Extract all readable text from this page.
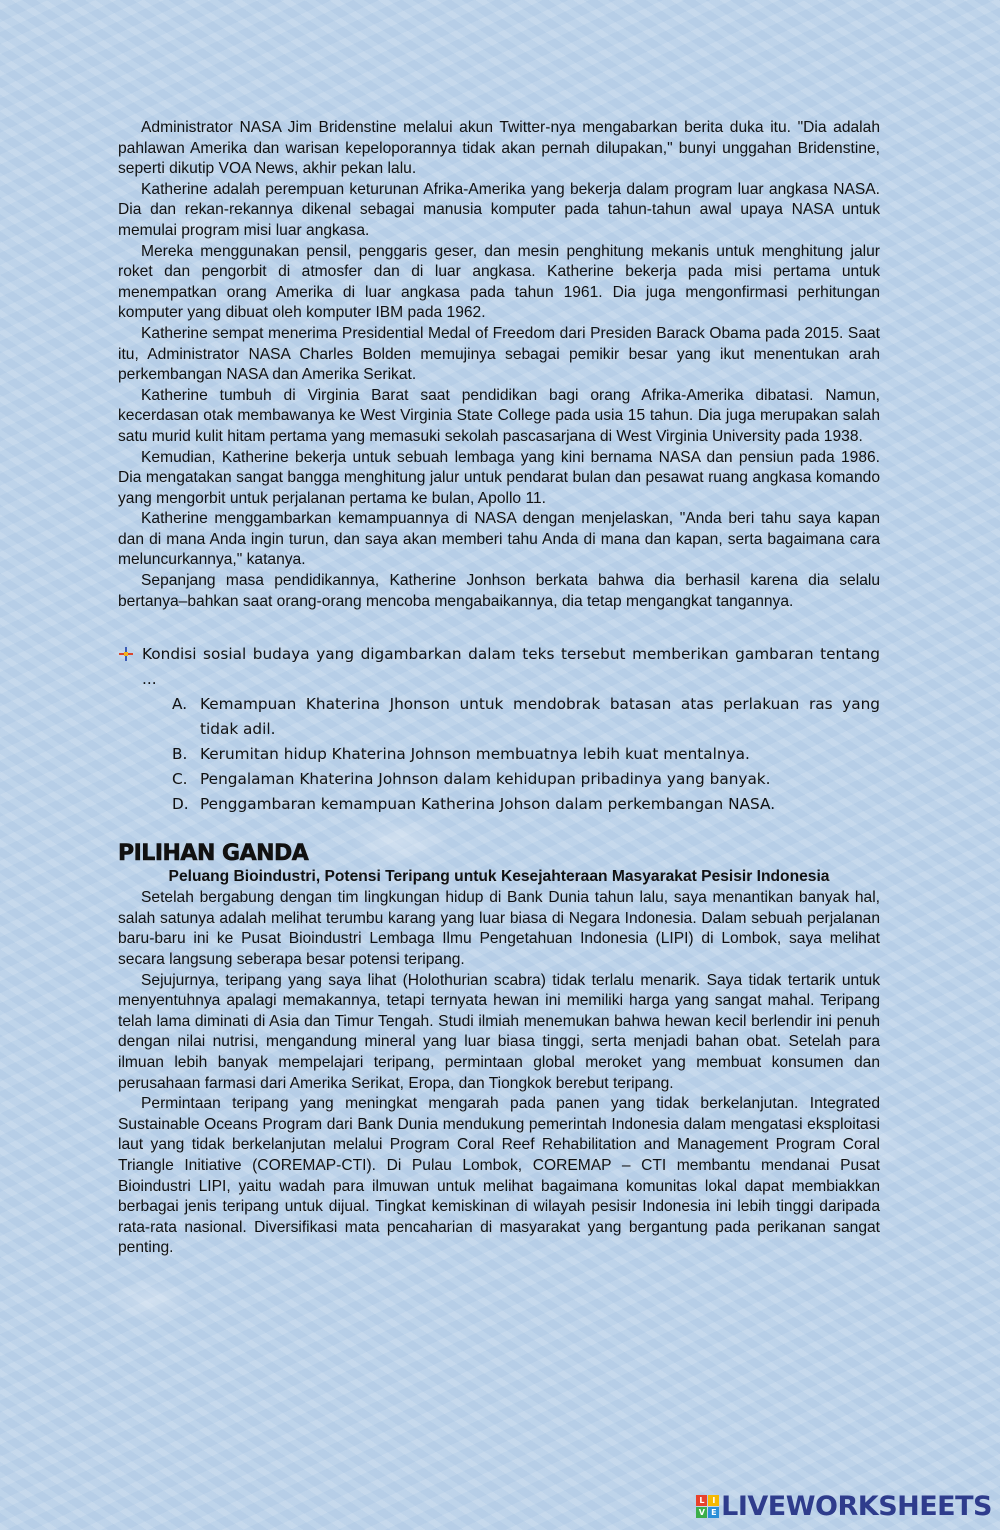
Administrator NASA Jim Bridenstine melalui akun Twitter-nya mengabarkan berita duka itu. "Dia adalah pahlawan Amerika dan warisan kepeloporannya tidak akan pernah dilupakan," bunyi unggahan Bridenstine, seperti dikutip VOA News, akhir pekan lalu.

Katherine adalah perempuan keturunan Afrika-Amerika yang bekerja dalam program luar angkasa NASA. Dia dan rekan-rekannya dikenal sebagai manusia komputer pada tahun-tahun awal upaya NASA untuk memulai program misi luar angkasa.

Mereka menggunakan pensil, penggaris geser, dan mesin penghitung mekanis untuk menghitung jalur roket dan pengorbit di atmosfer dan di luar angkasa. Katherine bekerja pada misi pertama untuk menempatkan orang Amerika di luar angkasa pada tahun 1961. Dia juga mengonfirmasi perhitungan komputer yang dibuat oleh komputer IBM pada 1962.

Katherine sempat menerima Presidential Medal of Freedom dari Presiden Barack Obama pada 2015. Saat itu, Administrator NASA Charles Bolden memujinya sebagai pemikir besar yang ikut menentukan arah perkembangan NASA dan Amerika Serikat.

Katherine tumbuh di Virginia Barat saat pendidikan bagi orang Afrika-Amerika dibatasi. Namun, kecerdasan otak membawanya ke West Virginia State College pada usia 15 tahun. Dia juga merupakan salah satu murid kulit hitam pertama yang memasuki sekolah pascasarjana di West Virginia University pada 1938.

Kemudian, Katherine bekerja untuk sebuah lembaga yang kini bernama NASA dan pensiun pada 1986. Dia mengatakan sangat bangga menghitung jalur untuk pendarat bulan dan pesawat ruang angkasa komando yang mengorbit untuk perjalanan pertama ke bulan, Apollo 11.

Katherine menggambarkan kemampuannya di NASA dengan menjelaskan, "Anda beri tahu saya kapan dan di mana Anda ingin turun, dan saya akan memberi tahu Anda di mana dan kapan, serta bagaimana cara meluncurkannya," katanya.

Sepanjang masa pendidikannya, Katherine Jonhson berkata bahwa dia berhasil karena dia selalu bertanya–bahkan saat orang-orang mencoba mengabaikannya, dia tetap mengangkat tangannya.

Kondisi sosial budaya yang digambarkan dalam teks tersebut memberikan gambaran tentang ...
A. Kemampuan Khaterina Jhonson untuk mendobrak batasan atas perlakuan ras yang tidak adil.
B. Kerumitan hidup Khaterina Johnson membuatnya lebih kuat mentalnya.
C. Pengalaman Khaterina Johnson dalam kehidupan pribadinya yang banyak.
D. Penggambaran kemampuan Katherina Johson dalam perkembangan NASA.
PILIHAN GANDA

Peluang Bioindustri, Potensi Teripang untuk Kesejahteraan Masyarakat Pesisir Indonesia

Setelah bergabung dengan tim lingkungan hidup di Bank Dunia tahun lalu, saya menantikan banyak hal, salah satunya adalah melihat terumbu karang yang luar biasa di Negara Indonesia. Dalam sebuah perjalanan baru-baru ini ke Pusat Bioindustri Lembaga Ilmu Pengetahuan Indonesia (LIPI) di Lombok, saya melihat secara langsung seberapa besar potensi teripang.

Sejujurnya, teripang yang saya lihat (Holothurian scabra) tidak terlalu menarik. Saya tidak tertarik untuk menyentuhnya apalagi memakannya, tetapi ternyata hewan ini memiliki harga yang sangat mahal. Teripang telah lama diminati di Asia dan Timur Tengah. Studi ilmiah menemukan bahwa hewan kecil berlendir ini penuh dengan nilai nutrisi, mengandung mineral yang luar biasa tinggi, serta menjadi bahan obat. Setelah para ilmuan lebih banyak mempelajari teripang, permintaan global meroket yang membuat konsumen dan perusahaan farmasi dari Amerika Serikat, Eropa, dan Tiongkok berebut teripang.

Permintaan teripang yang meningkat mengarah pada panen yang tidak berkelanjutan. Integrated Sustainable Oceans Program dari Bank Dunia mendukung pemerintah Indonesia dalam mengatasi eksploitasi laut yang tidak berkelanjutan melalui Program Coral Reef Rehabilitation and Management Program Coral Triangle Initiative (COREMAP-CTI). Di Pulau Lombok, COREMAP – CTI membantu mendanai Pusat Bioindustri LIPI, yaitu wadah para ilmuwan untuk melihat bagaimana komunitas lokal dapat membiakkan berbagai jenis teripang untuk dijual. Tingkat kemiskinan di wilayah pesisir Indonesia ini lebih tinggi daripada rata-rata nasional. Diversifikasi mata pencaharian di masyarakat yang bergantung pada perikanan sangat penting.

L	I
V E LIVEWORKSHEETS
